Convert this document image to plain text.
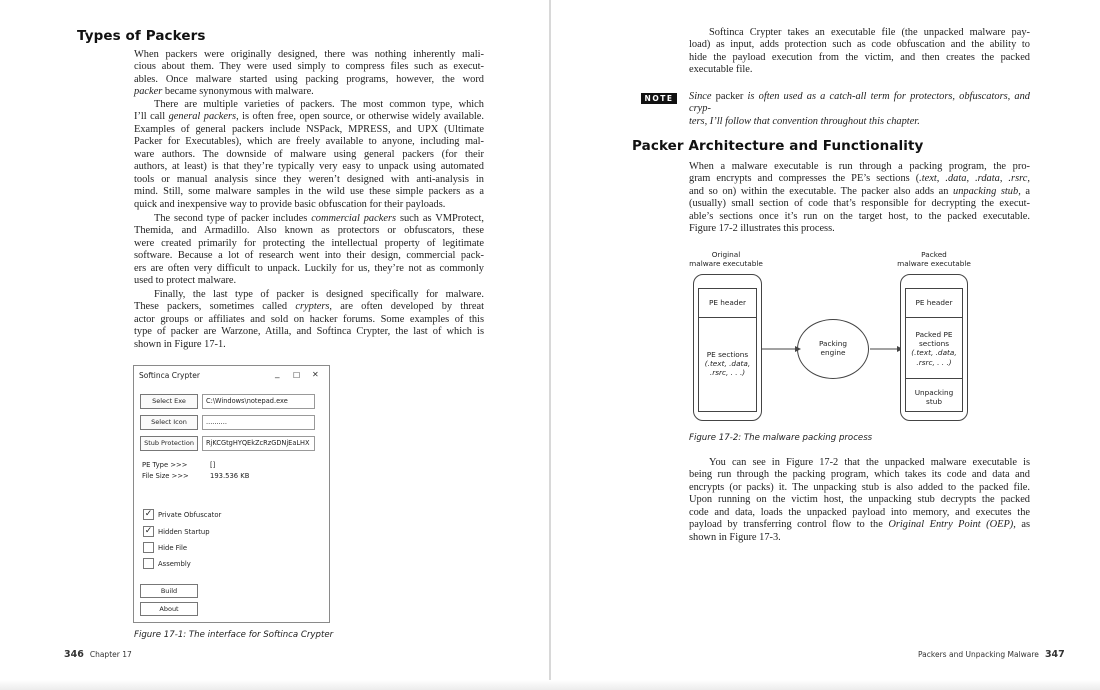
Types of Packers
When packers were originally designed, there was nothing inherently mali-
cious about them. They were used simply to compress files such as execut-
ables. Once malware started using packing programs, however, the word
packer became synonymous with malware.
There are multiple varieties of packers. The most common type, which
I’ll call general packers, is often free, open source, or otherwise widely available.
Examples of general packers include NSPack, MPRESS, and UPX (Ultimate
Packer for Executables), which are freely available to anyone, including mal-
ware authors. The downside of malware using general packers (for their
authors, at least) is that they’re typically very easy to unpack using automated
tools or manual analysis since they weren’t designed with anti-analysis in
mind. Still, some malware samples in the wild use these simple packers as a
quick and inexpensive way to provide basic obfuscation for their payloads.
The second type of packer includes commercial packers such as VMProtect,
Themida, and Armadillo. Also known as protectors or obfuscators, these
were created primarily for protecting the intellectual property of legitimate
software. Because a lot of research went into their design, commercial pack-
ers are often very difficult to unpack. Luckily for us, they’re not as commonly
used to protect malware.
Finally, the last type of packer is designed specifically for malware.
These packers, sometimes called crypters, are often developed by threat
actor groups or affiliates and sold on hacker forums. Some examples of this
type of packer are Warzone, Atilla, and Softinca Crypter, the last of which is
shown in Figure 17-1.
Softinca Crypter	_ ☐ ✕
Select Exe	C:\Windows\notepad.exe
Select Icon	..........
Stub Protection	RjKCGtgHYQEkZcRzGDNjEaLHX
PE Type >>>	[]
File Size >>>	193.536 KB
✓ Private Obfuscator
✓ Hidden Startup
Hide File
Assembly
Build
About
Figure 17-1: The interface for Softinca Crypter
346 Chapter 17
Softinca Crypter takes an executable file (the unpacked malware pay-
load) as input, adds protection such as code obfuscation and the ability to
hide the payload execution from the victim, and then creates the packed
executable file.
NOTE	Since packer is often used as a catch-all term for protectors, obfuscators, and cryp-
ters, I’ll follow that convention throughout this chapter.
Packer Architecture and Functionality
When a malware executable is run through a packing program, the pro-
gram encrypts and compresses the PE’s sections (.text, .data, .rdata, .rsrc,
and so on) within the executable. The packer also adds an unpacking stub, a
(usually) small section of code that’s responsible for decrypting the execut-
able’s sections once it’s run on the target host, to the packed executable.
Figure 17-2 illustrates this process.
Original
malware executable
Packed
malware executable
PE header
PE sections
(.text, .data,
.rsrc, . . .)
Packing
engine
PE header
Packed PE
sections
(.text, .data,
.rsrc, . . .)
Unpacking
stub
Figure 17-2: The malware packing process
You can see in Figure 17-2 that the unpacked malware executable is
being run through the packing program, which takes its code and data and
encrypts (or packs) it. The unpacking stub is also added to the packed file.
Upon running on the victim host, the unpacking stub decrypts the packed
code and data, loads the unpacked payload into memory, and executes the
payload by transferring control flow to the Original Entry Point (OEP), as
shown in Figure 17-3.
Packers and Unpacking Malware 347
